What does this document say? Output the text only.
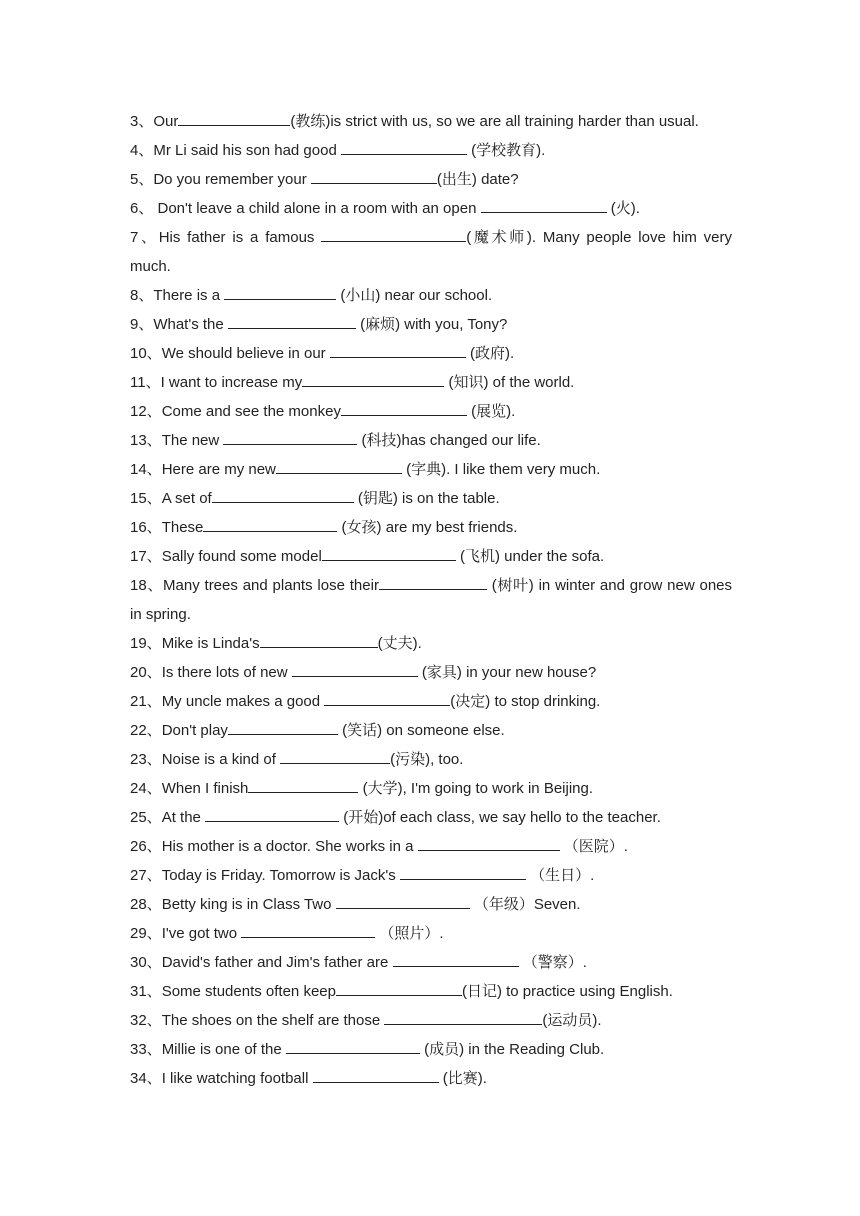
3、Our	(教练)is strict with us, so we are all training harder than usual.

4、Mr Li said his son had good	(学校教育).

5、Do you remember your	(出生) date?

6、 Don't leave a child alone in a room with an open	(火).

7、His father is a famous	(魔术师). Many people love him very much.

8、There is a	(小山) near our school.

9、What's the	(麻烦) with you, Tony?

10、We should believe in our	(政府).

11、I want to increase my	(知识) of the world.

12、Come and see the monkey	(展览).

13、The new	(科技)has changed our life.

14、Here are my new	(字典). I like them very much.

15、A set of	(钥匙) is on the table.

16、These	(女孩) are my best friends.

17、Sally found some model	(飞机) under the sofa.

18、Many trees and plants lose their	(树叶) in winter and grow new ones in spring.

19、Mike is Linda's	(丈夫).

20、Is there lots of new	(家具) in your new house?

21、My uncle makes a good	(决定) to stop drinking.

22、Don't play	(笑话) on someone else.

23、Noise is a kind of	(污染), too.

24、When I finish	(大学), I'm going to work in Beijing.

25、At the	(开始)of each class, we say hello to the teacher.

26、His mother is a doctor. She works in a	（医院）.

27、Today is Friday. Tomorrow is Jack's	（生日）.

28、Betty king is in Class Two	（年级）Seven.

29、I've got two	（照片）.

30、David's father and Jim's father are	（警察）.

31、Some students often keep	(日记) to practice using English.

32、The shoes on the shelf are those	(运动员).

33、Millie is one of the	(成员) in the Reading Club.

34、I like watching football	(比赛).
